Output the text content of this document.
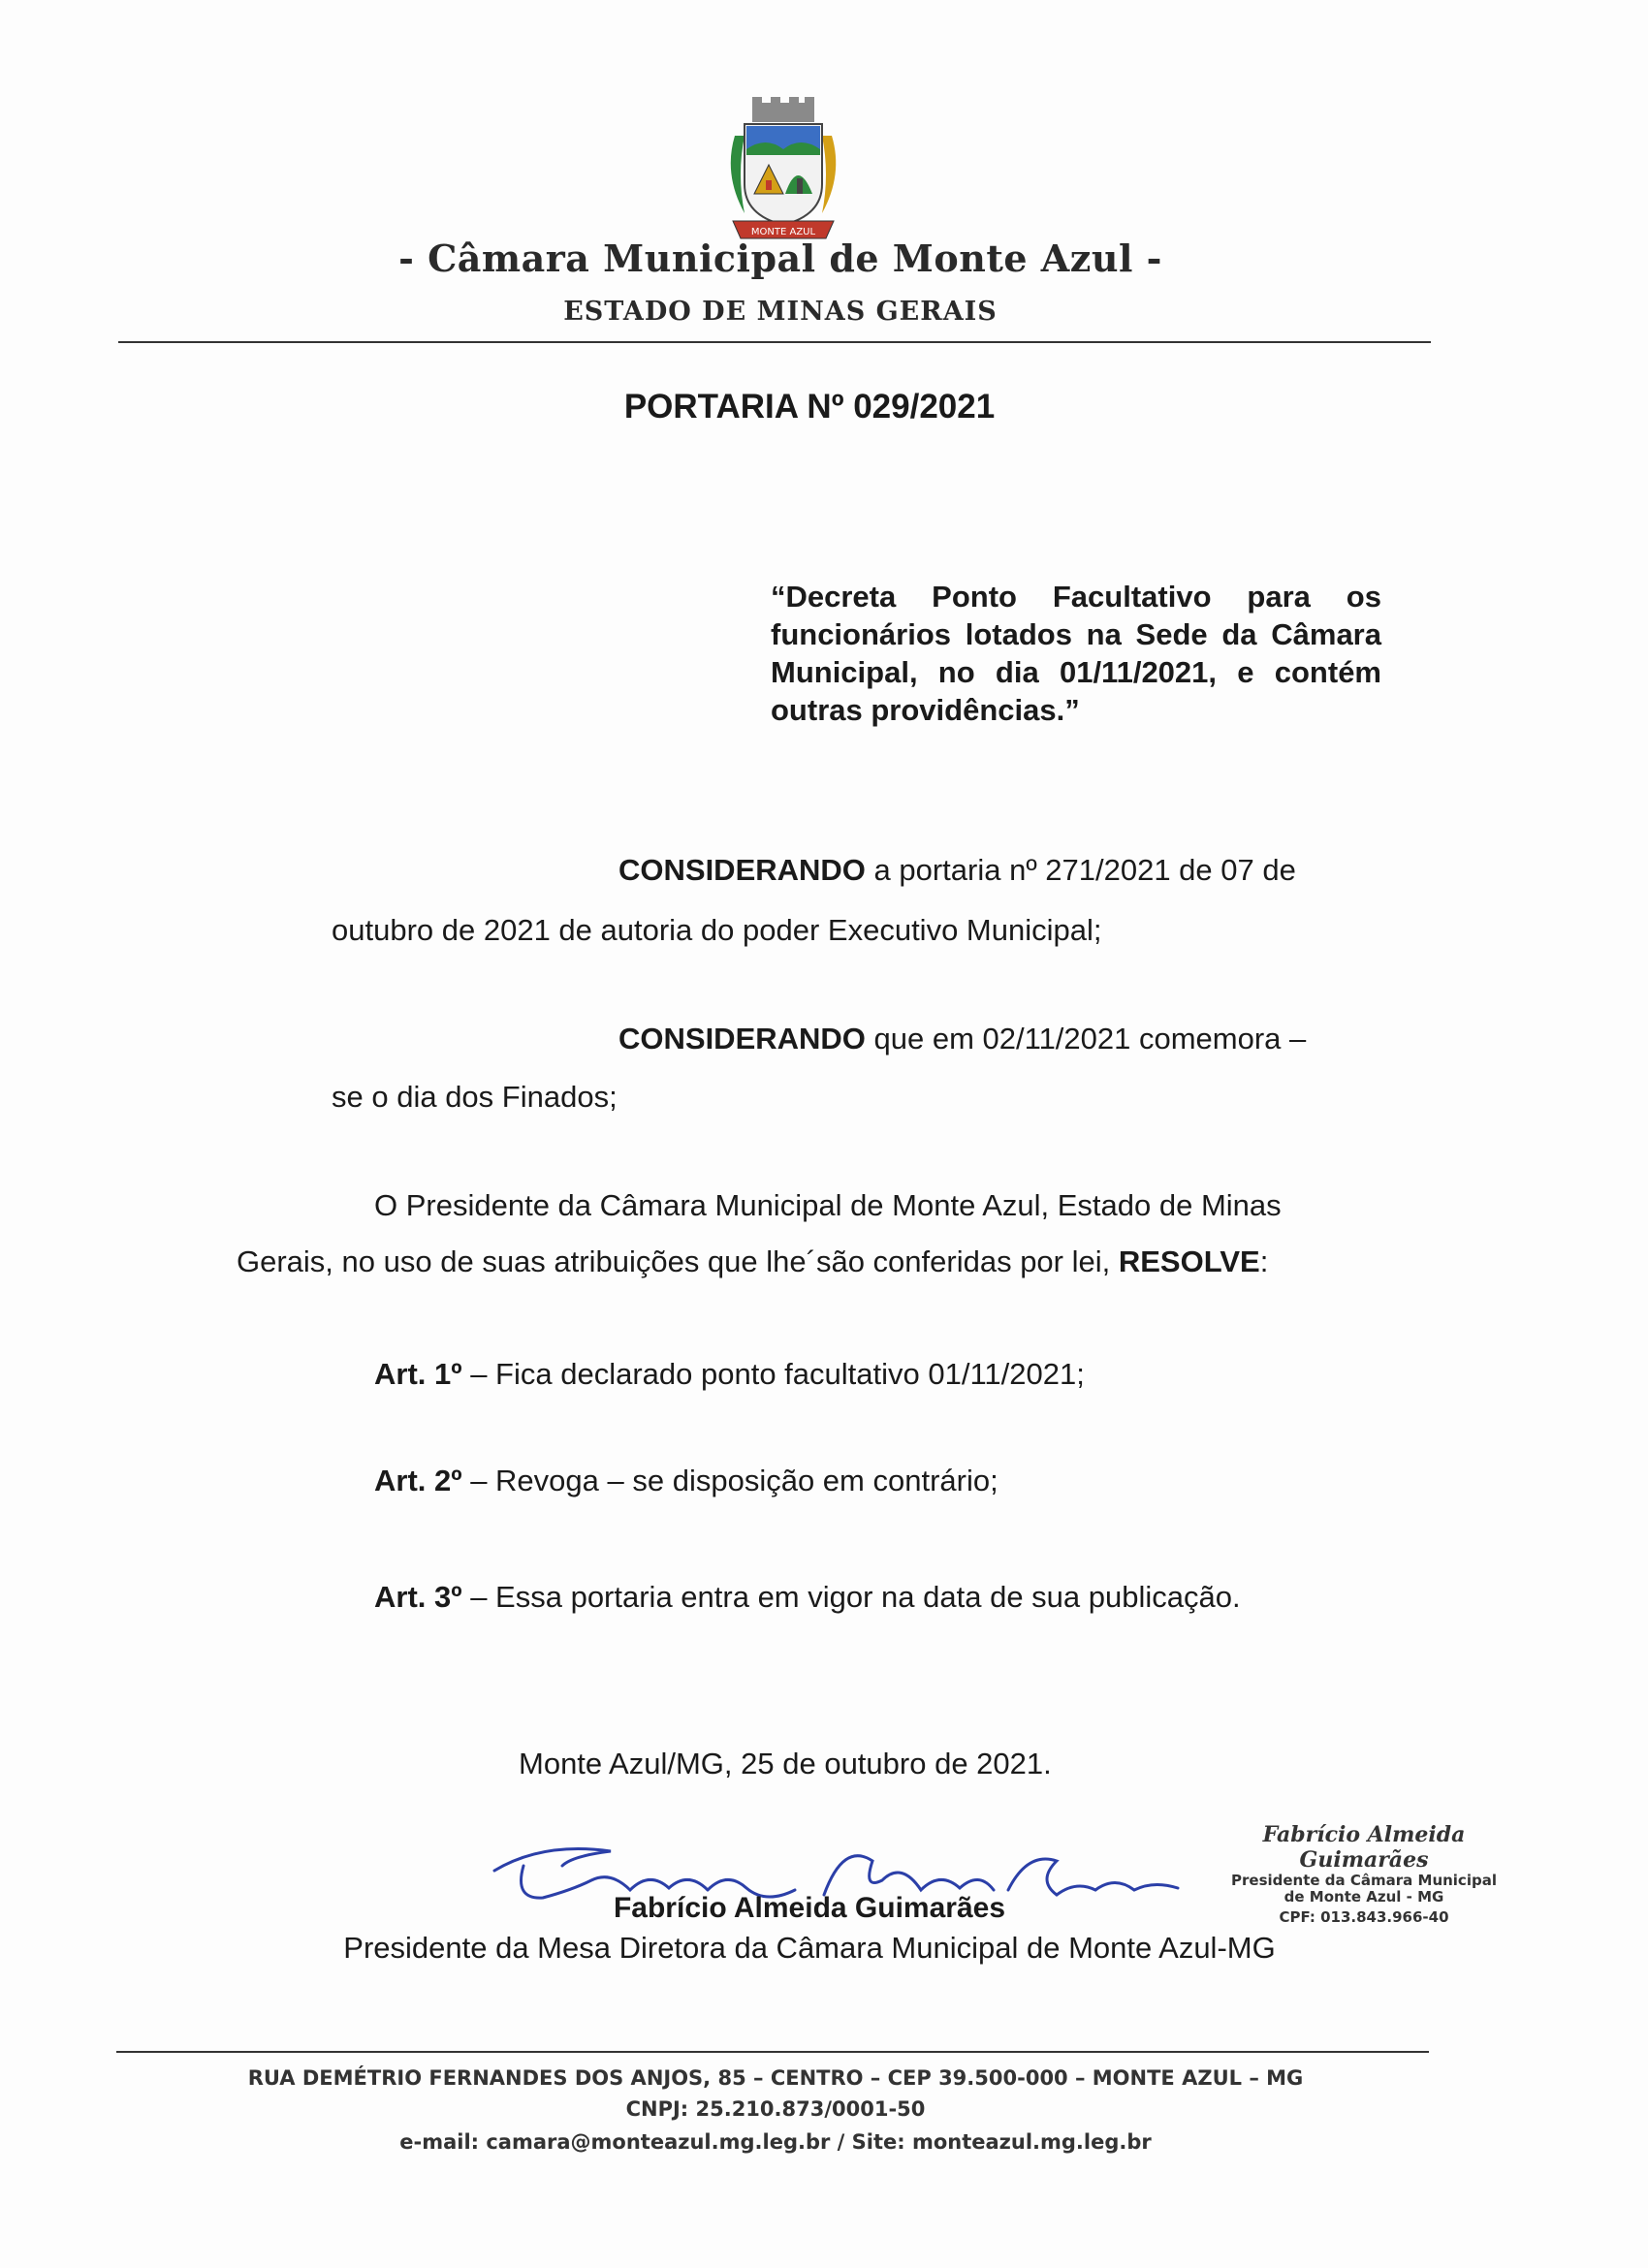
MONTE AZUL
- Câmara Municipal de Monte Azul -
ESTADO DE MINAS GERAIS
PORTARIA Nº 029/2021
“Decreta Ponto Facultativo para os funcionários lotados na Sede da Câmara Municipal, no dia 01/11/2021, e contém outras providências.”
CONSIDERANDO a portaria nº 271/2021 de 07 de
outubro de 2021 de autoria do poder Executivo Municipal;
CONSIDERANDO que em 02/11/2021 comemora –
se o dia dos Finados;
O Presidente da Câmara Municipal de Monte Azul, Estado de Minas
Gerais, no uso de suas atribuições que lhe´são conferidas por lei, RESOLVE:
Art. 1º – Fica declarado ponto facultativo 01/11/2021;
Art. 2º – Revoga – se disposição em contrário;
Art. 3º – Essa portaria entra em vigor na data de sua publicação.
Monte Azul/MG, 25 de outubro de 2021.
Fabrício Almeida Guimarães
Presidente da Mesa Diretora da Câmara Municipal de Monte Azul-MG
Fabrício Almeida Guimarães
Presidente da Câmara Municipal
de Monte Azul - MG
CPF: 013.843.966-40
RUA DEMÉTRIO FERNANDES DOS ANJOS, 85 – CENTRO – CEP 39.500-000 – MONTE AZUL – MG
CNPJ: 25.210.873/0001-50
e-mail: camara@monteazul.mg.leg.br / Site: monteazul.mg.leg.br
